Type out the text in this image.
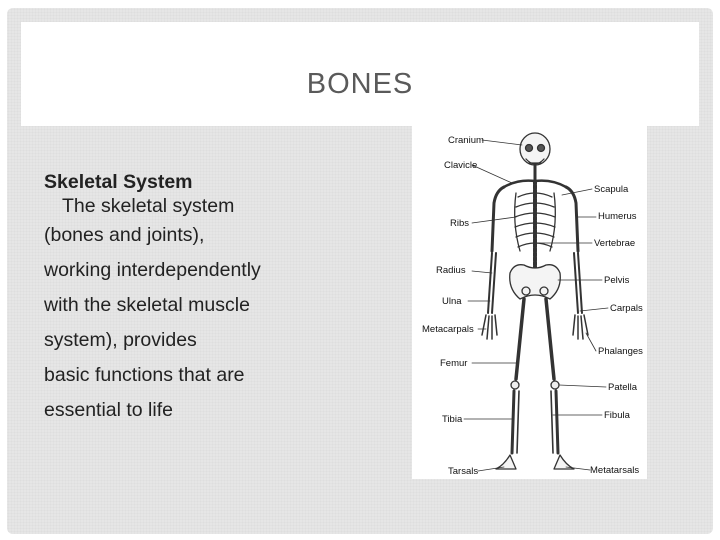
BONES
Skeletal System
The skeletal system
(bones and joints),
working interdependently
with the skeletal muscle
system), provides
basic functions that are
essential to life
Cranium
Clavicle
Ribs
Radius
Ulna
Metacarpals
Femur
Tibia
Tarsals
Scapula
Humerus
Vertebrae
Pelvis
Carpals
Phalanges
Patella
Fibula
Metatarsals
